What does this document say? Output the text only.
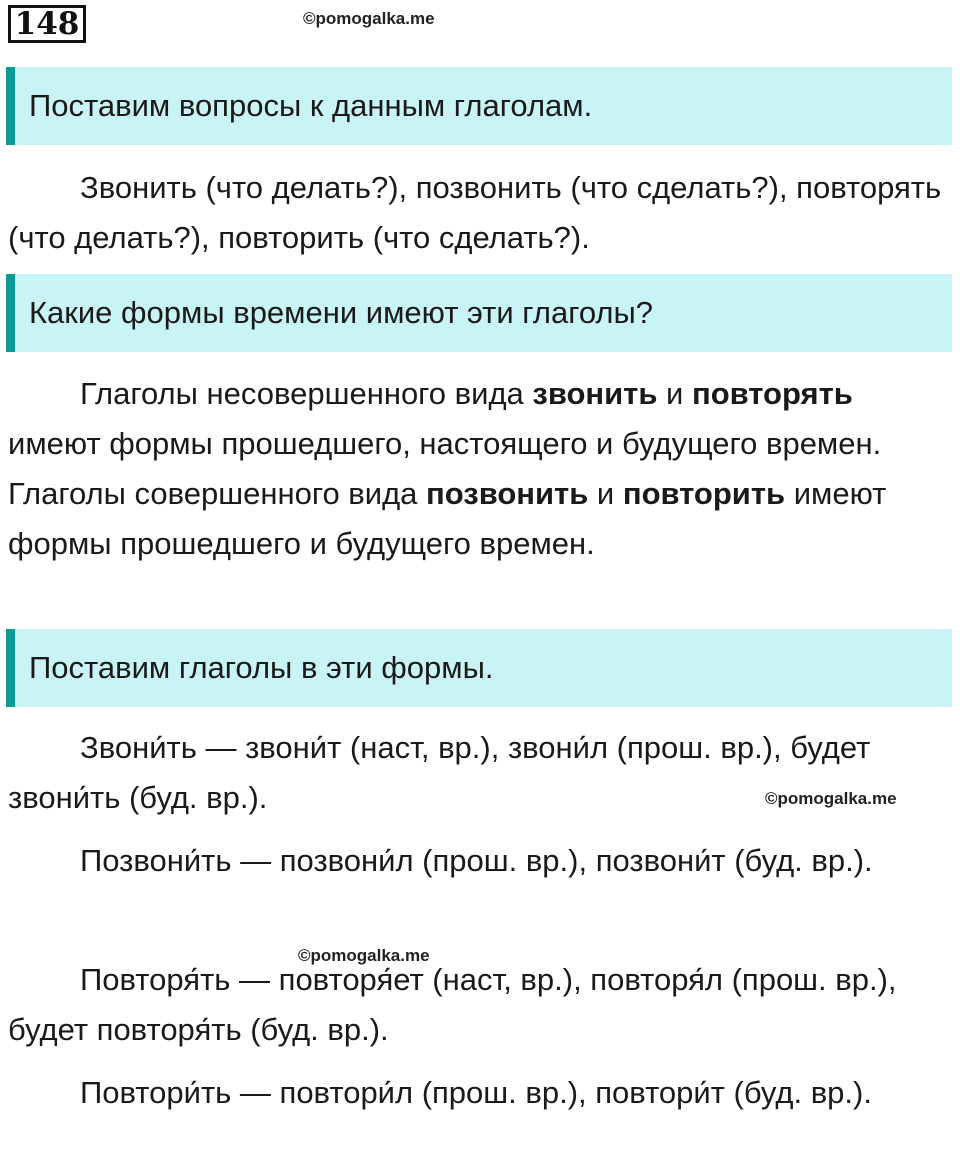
148	©pomogalka.me
Поставим вопросы к данным глаголам.

Звонить (что делать?), позвонить (что сделать?), повторять (что делать?), повторить (что сделать?).

Какие формы времени имеют эти глаголы?

Глаголы несовершенного вида звонить и повторять имеют формы прошедшего, настоящего и будущего времен. Глаголы совершенного вида позвонить и повторить имеют формы прошедшего и будущего времен.

Поставим глаголы в эти формы.

Звони́ть — звони́т (наст, вр.), звони́л (прош. вр.), будет звони́ть (буд. вр.).	©pomogalka.me

Позвони́ть — позвони́л (прош. вр.), позвони́т (буд. вр.).

Повторя́ть — повторя́ет (наст, вр.), повторя́л (прош. вр.), будет повторя́ть (буд. вр.).

©pomogalka.me

Повтори́ть — повтори́л (прош. вр.), повтори́т (буд. вр.).
